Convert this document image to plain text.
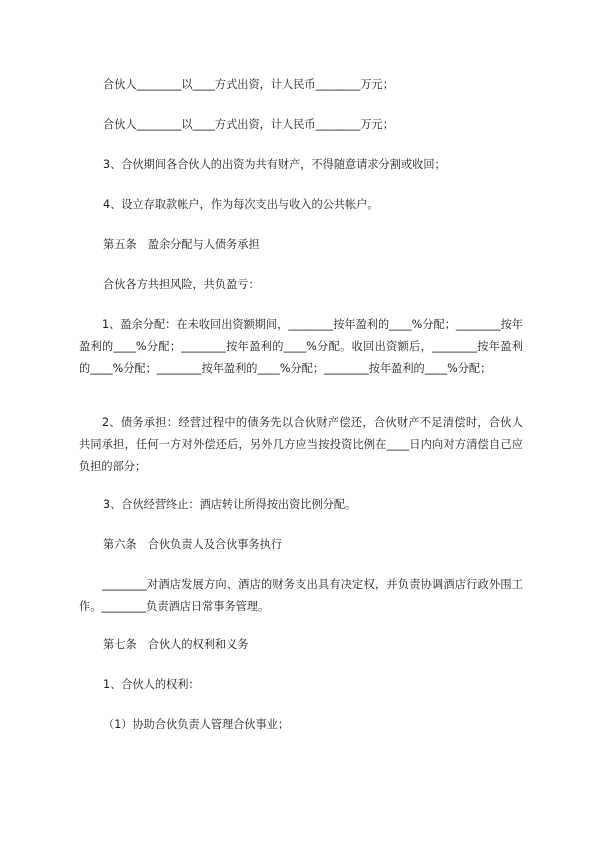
合伙人________以____方式出资，计人民币________万元；

合伙人________以____方式出资，计人民币________万元；

3、合伙期间各合伙人的出资为共有财产，不得随意请求分割或收回；

4、设立存取款帐户，作为每次支出与收入的公共帐户。

第五条　盈余分配与人债务承担

合伙各方共担风险，共负盈亏：

1、盈余分配：在未收回出资额期间，________按年盈利的____%分配；________按年盈利的____%分配；________按年盈利的____%分配。收回出资额后，________按年盈利的____%分配；________按年盈利的____%分配；________按年盈利的____%分配；

2、债务承担：经营过程中的债务先以合伙财产偿还，合伙财产不足清偿时，合伙人共同承担，任何一方对外偿还后，另外几方应当按投资比例在____日内向对方清偿自己应负担的部分；

3、合伙经营终止：酒店转让所得按出资比例分配。

第六条　合伙负责人及合伙事务执行

________对酒店发展方向、酒店的财务支出具有决定权，并负责协调酒店行政外围工作。________负责酒店日常事务管理。

第七条　合伙人的权利和义务

1、合伙人的权利：

（1）协助合伙负责人管理合伙事业；
